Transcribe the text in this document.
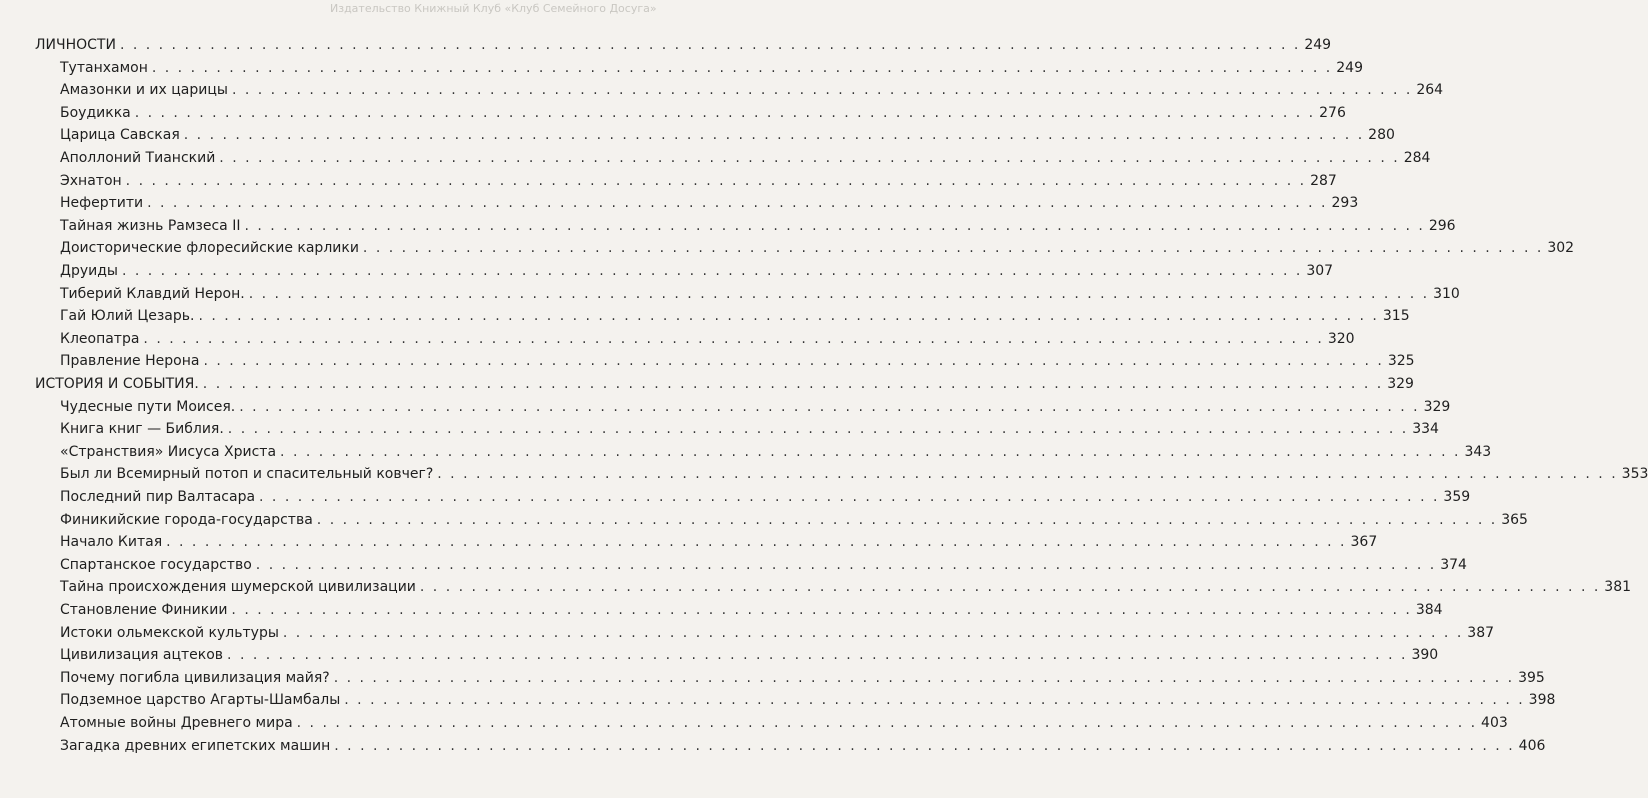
Издательство Книжный Клуб «Клуб Семейного Досуга»
ЛИЧНОСТИ . . .	249
Тутанхамон . . .	249
Амазонки и их царицы . . .	264
Боудикка . . .	276
Царица Савская . . .	280
Аполлоний Тианский . . .	284
Эхнатон . . .	287
Нефертити . . .	293
Тайная жизнь Рамзеса II . . .	296
Доисторические флоресийские карлики . . .	302
Друиды . . .	307
Тиберий Клавдий Нерон. . . .	310
Гай Юлий Цезарь. . . .	315
Клеопатра . . .	320
Правление Нерона . . .	325
ИСТОРИЯ И СОБЫТИЯ. . . .	329
Чудесные пути Моисея. . . .	329
Книга книг — Библия. . . .	334
«Странствия» Иисуса Христа . . .	343
Был ли Всемирный потоп и спасительный ковчег? . . .	353
Последний пир Валтасара . . .	359
Финикийские города-государства . . .	365
Начало Китая . . .	367
Спартанское государство . . .	374
Тайна происхождения шумерской цивилизации . . .	381
Становление Финикии . . .	384
Истоки ольмекской культуры . . .	387
Цивилизация ацтеков . . .	390
Почему погибла цивилизация майя? . . .	395
Подземное царство Агарты-Шамбалы . . .	398
Атомные войны Древнего мира . . .	403
Загадка древних египетских машин . . .	406
